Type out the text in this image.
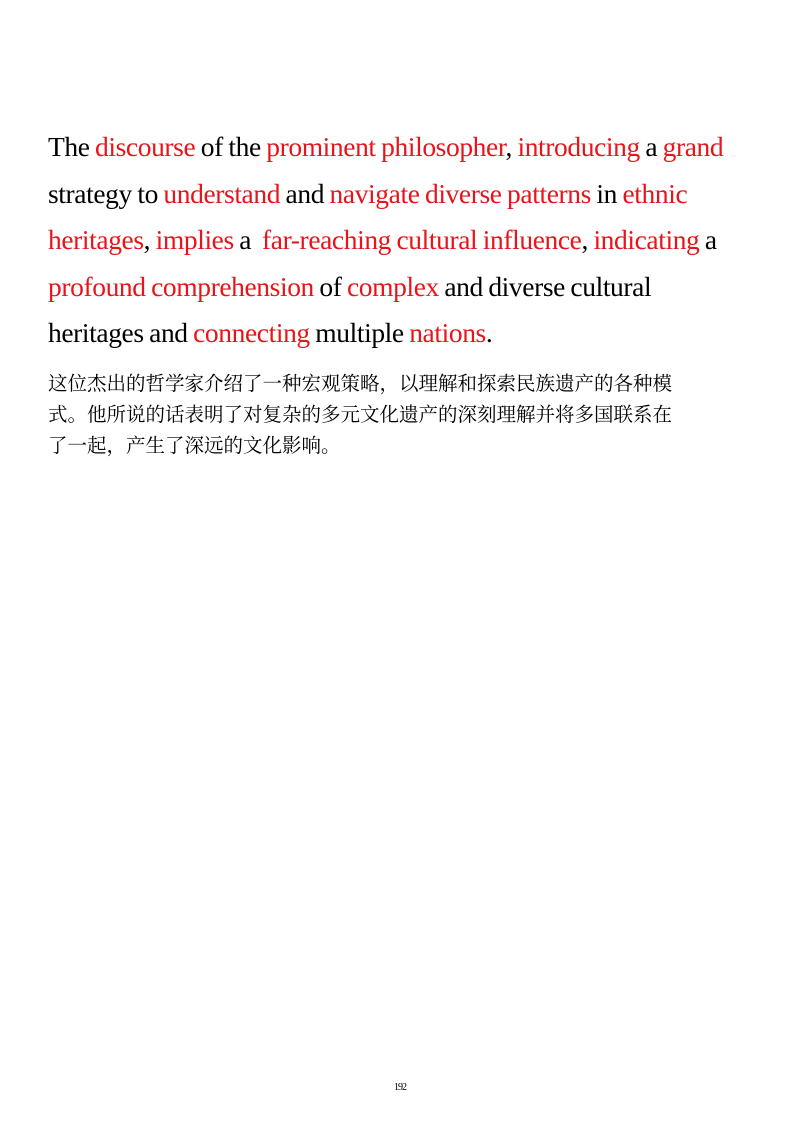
The discourse of the prominent philosopher, introducing a grand
strategy to understand and navigate diverse patterns in ethnic
heritages, implies a  far-reaching cultural influence, indicating a
profound comprehension of complex and diverse cultural
heritages and connecting multiple nations.
这位杰出的哲学家介绍了一种宏观策略，以理解和探索民族遗产的各种模
式。他所说的话表明了对复杂的多元文化遗产的深刻理解并将多国联系在
了一起，产生了深远的文化影响。
192
